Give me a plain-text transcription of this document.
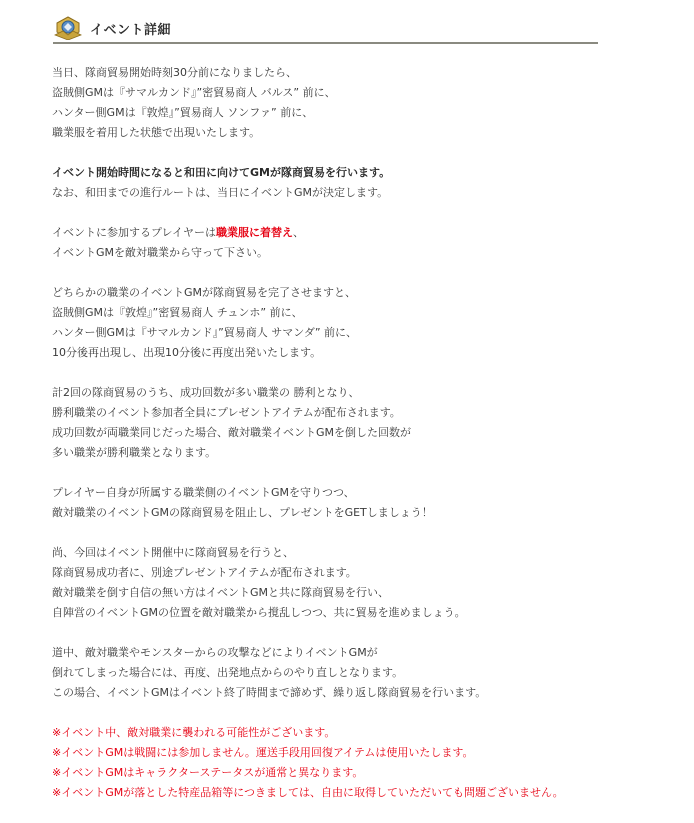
イベント詳細
当日、隊商貿易開始時刻30分前になりましたら、
盗賊側GMは『サマルカンド』”密貿易商人 バルス” 前に、
ハンター側GMは『敦煌』”貿易商人 ソンファ” 前に、
職業服を着用した状態で出現いたします。
イベント開始時間になると和田に向けてGMが隊商貿易を行います。
なお、和田までの進行ルートは、当日にイベントGMが決定します。
イベントに参加するプレイヤーは職業服に着替え、
イベントGMを敵対職業から守って下さい。
どちらかの職業のイベントGMが隊商貿易を完了させますと、
盗賊側GMは『敦煌』”密貿易商人 チュンホ” 前に、
ハンター側GMは『サマルカンド』”貿易商人 サマンダ” 前に、
10分後再出現し、出現10分後に再度出発いたします。
計2回の隊商貿易のうち、成功回数が多い職業の 勝利となり、
勝利職業のイベント参加者全員にプレゼントアイテムが配布されます。
成功回数が両職業同じだった場合、敵対職業イベントGMを倒した回数が
多い職業が勝利職業となります。
プレイヤー自身が所属する職業側のイベントGMを守りつつ、
敵対職業のイベントGMの隊商貿易を阻止し、プレゼントをGETしましょう！
尚、今回はイベント開催中に隊商貿易を行うと、
隊商貿易成功者に、別途プレゼントアイテムが配布されます。
敵対職業を倒す自信の無い方はイベントGMと共に隊商貿易を行い、
自陣営のイベントGMの位置を敵対職業から撹乱しつつ、共に貿易を進めましょう。
道中、敵対職業やモンスターからの攻撃などによりイベントGMが
倒れてしまった場合には、再度、出発地点からのやり直しとなります。
この場合、イベントGMはイベント終了時間まで諦めず、繰り返し隊商貿易を行います。
※イベント中、敵対職業に襲われる可能性がございます。
※イベントGMは戦闘には参加しません。運送手段用回復アイテムは使用いたします。
※イベントGMはキャラクターステータスが通常と異なります。
※イベントGMが落とした特産品箱等につきましては、自由に取得していただいても問題ございません。
